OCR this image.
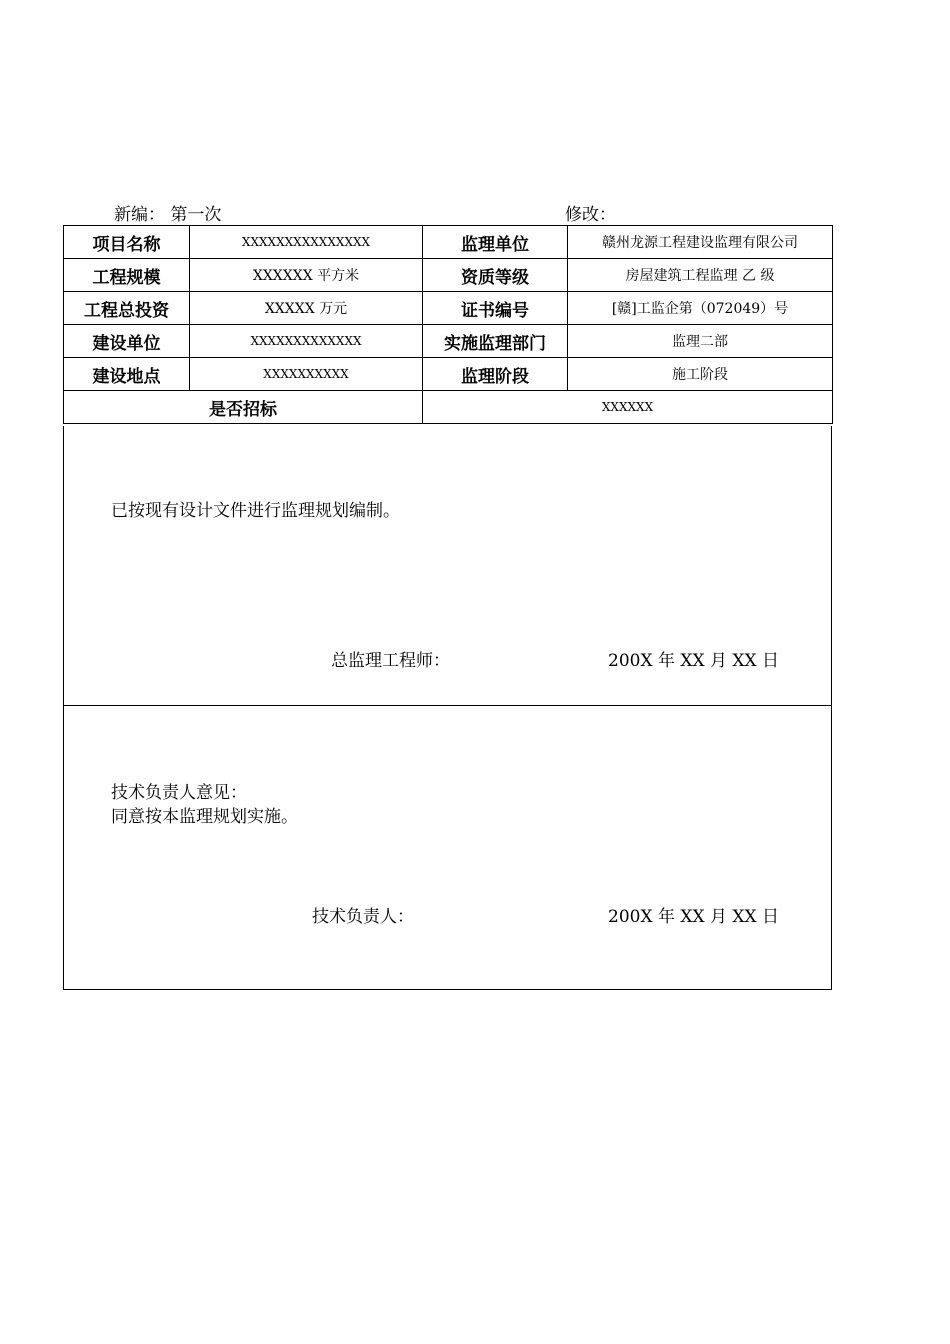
新编： 第一次	修改：
项目名称	XXXXXXXXXXXXXXX	监理单位	赣州龙源工程建设监理有限公司
工程规模	XXXXXX 平方米	资质等级	房屋建筑工程监理 乙 级
工程总投资	XXXXX 万元	证书编号	[赣]工监企第（072049）号
建设单位	XXXXXXXXXXXXX	实施监理部门	监理二部
建设地点	XXXXXXXXXX	监理阶段	施工阶段
是否招标		XXXXXX	

已按现有设计文件进行监理规划编制。

总监理工程师：	200X 年 XX 月 XX 日

技术负责人意见：

同意按本监理规划实施。

技术负责人：	200X 年 XX 月 XX 日
